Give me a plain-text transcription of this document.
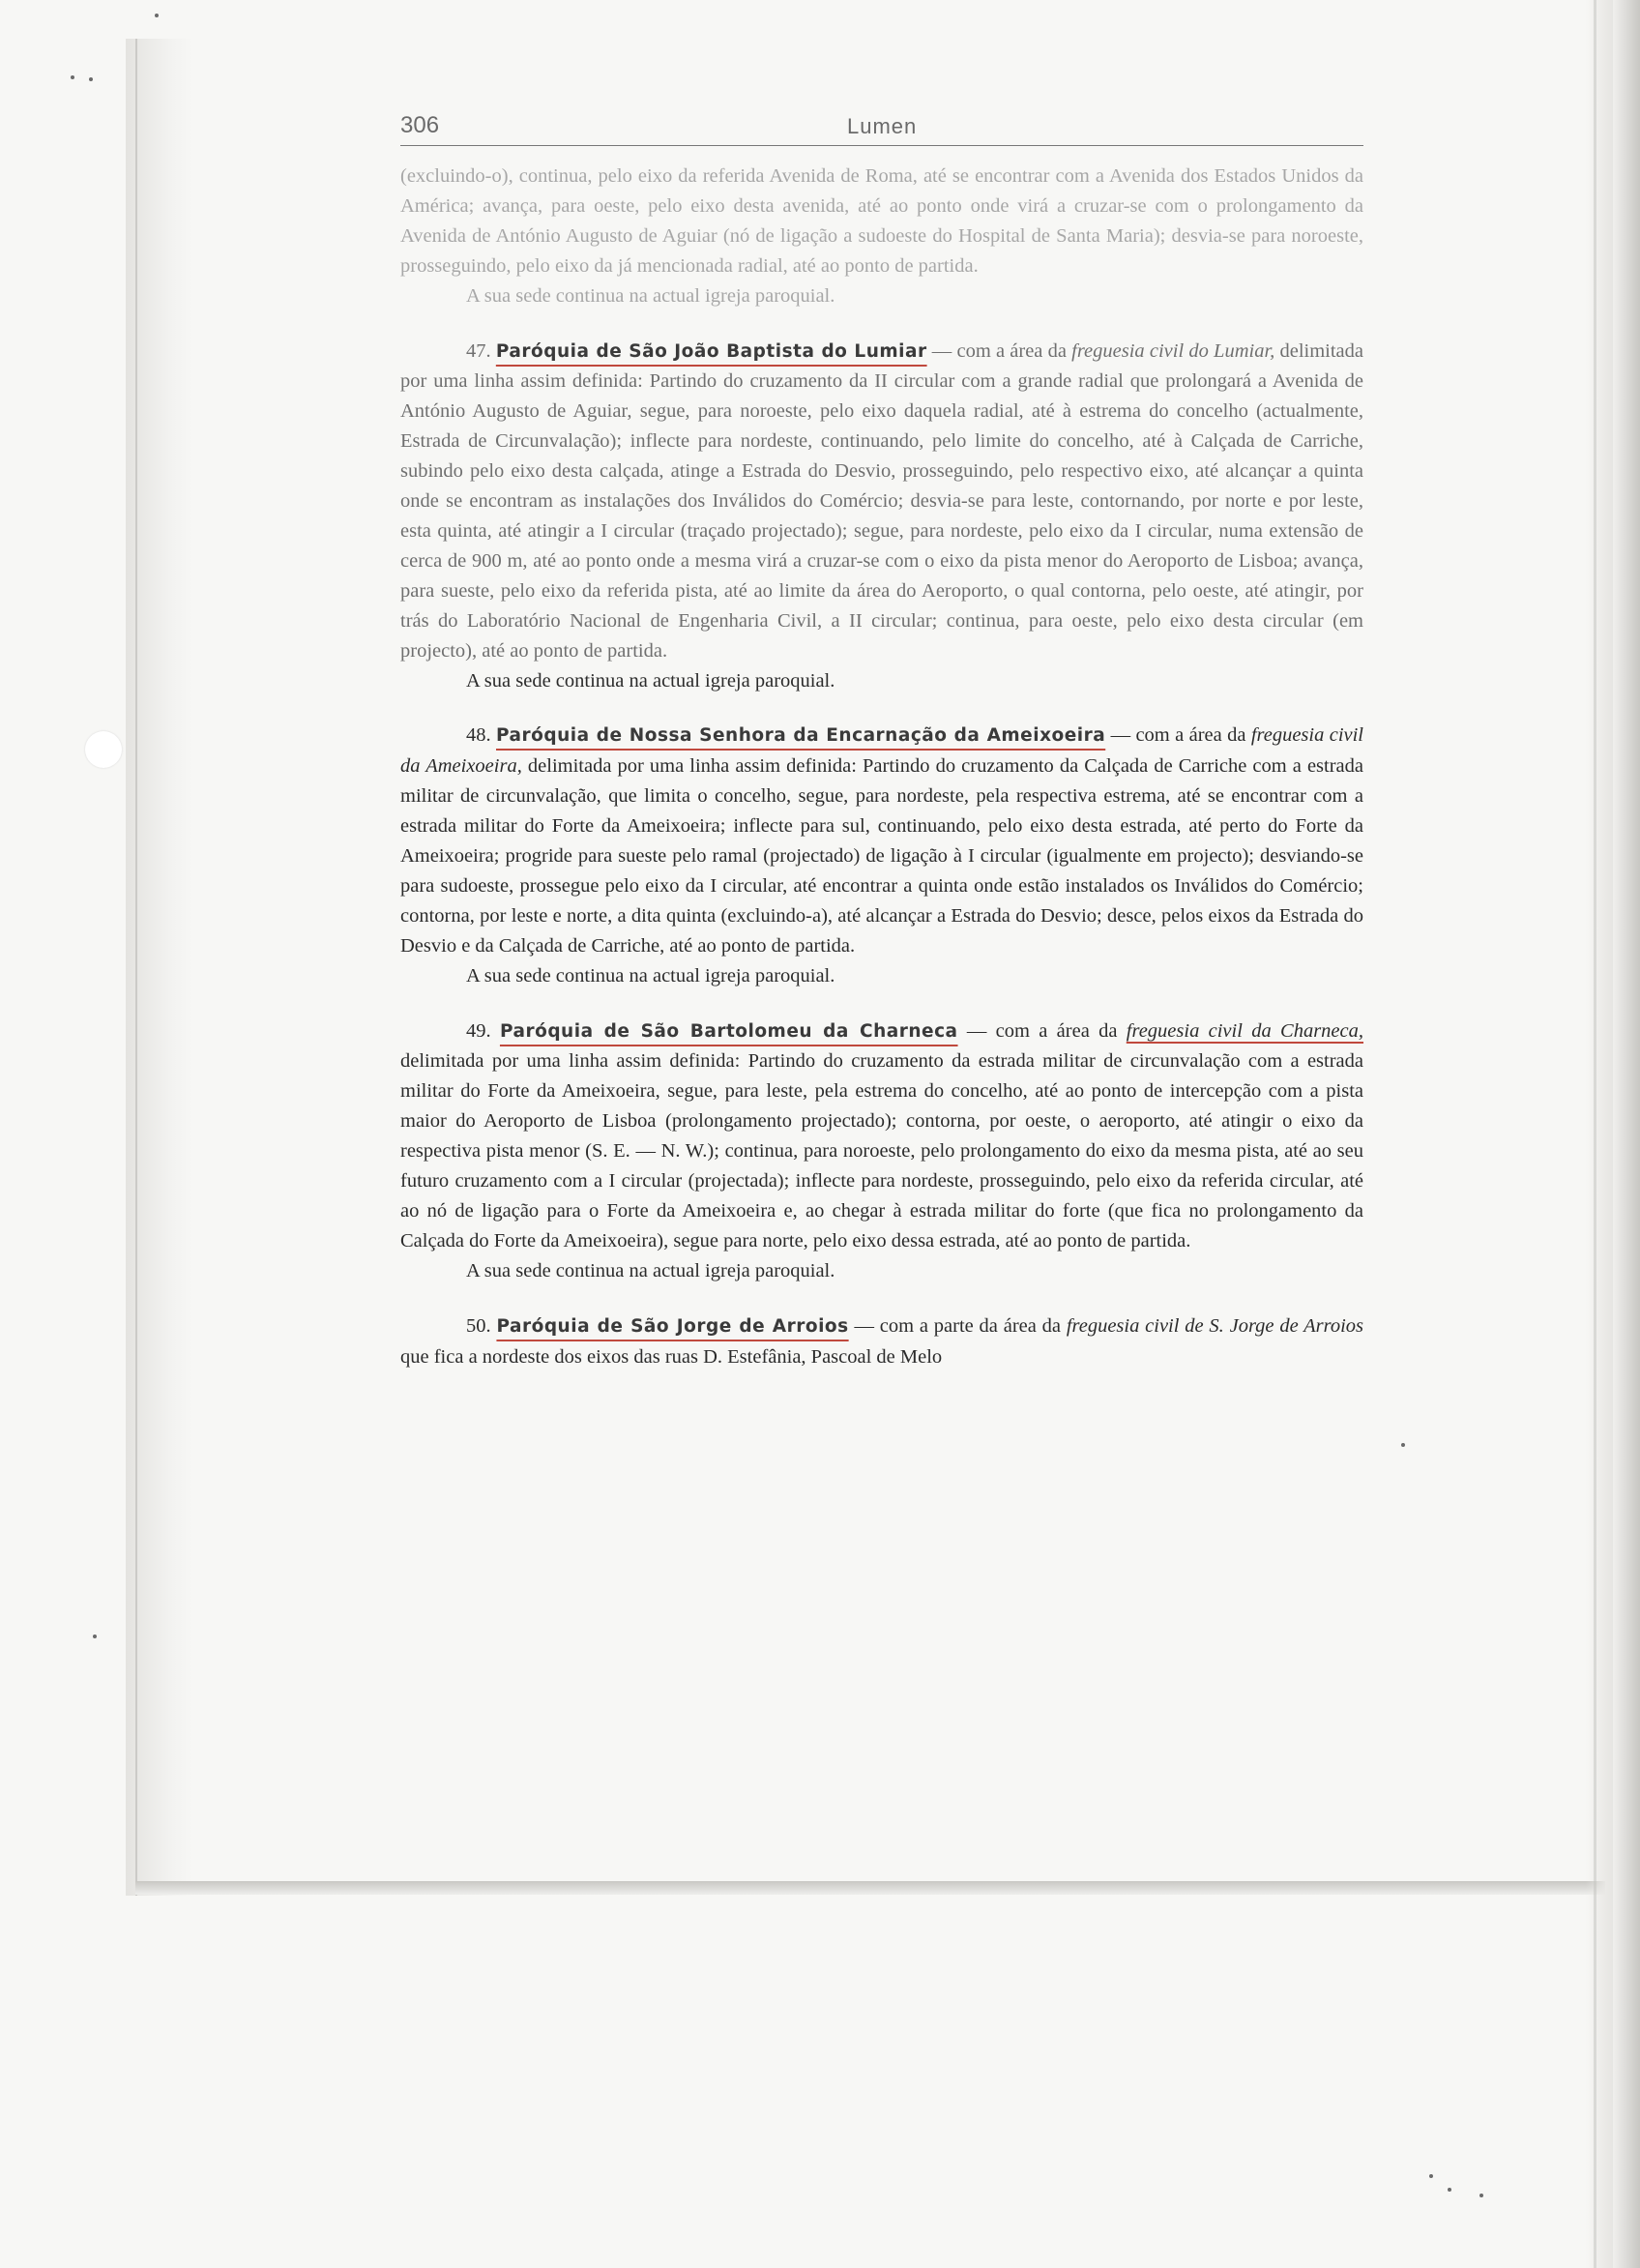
306	Lumen

(excluindo-o), continua, pelo eixo da referida Avenida de Roma, até se encontrar com a Avenida dos Estados Unidos da América; avança, para oeste, pelo eixo desta avenida, até ao ponto onde virá a cruzar-se com o prolongamento da Avenida de António Augusto de Aguiar (nó de ligação a sudoeste do Hospital de Santa Maria); desvia-se para noroeste, prosseguindo, pelo eixo da já mencionada radial, até ao ponto de partida.

A sua sede continua na actual igreja paroquial.

47. Paróquia de São João Baptista do Lumiar — com a área da freguesia civil do Lumiar, delimitada por uma linha assim definida: Partindo do cruzamento da II circular com a grande radial que prolongará a Avenida de António Augusto de Aguiar, segue, para noroeste, pelo eixo daquela radial, até à estrema do concelho (actualmente, Estrada de Circunvalação); inflecte para nordeste, continuando, pelo limite do concelho, até à Calçada de Carriche, subindo pelo eixo desta calçada, atinge a Estrada do Desvio, prosseguindo, pelo respectivo eixo, até alcançar a quinta onde se encontram as instalações dos Inválidos do Comércio; desvia-se para leste, contornando, por norte e por leste, esta quinta, até atingir a I circular (traçado projectado); segue, para nordeste, pelo eixo da I circular, numa extensão de cerca de 900 m, até ao ponto onde a mesma virá a cruzar-se com o eixo da pista menor do Aeroporto de Lisboa; avança, para sueste, pelo eixo da referida pista, até ao limite da área do Aeroporto, o qual contorna, pelo oeste, até atingir, por trás do Laboratório Nacional de Engenharia Civil, a II circular; continua, para oeste, pelo eixo desta circular (em projecto), até ao ponto de partida.

A sua sede continua na actual igreja paroquial.

48. Paróquia de Nossa Senhora da Encarnação da Ameixoeira — com a área da freguesia civil da Ameixoeira, delimitada por uma linha assim definida: Partindo do cruzamento da Calçada de Carriche com a estrada militar de circunvalação, que limita o concelho, segue, para nordeste, pela respectiva estrema, até se encontrar com a estrada militar do Forte da Ameixoeira; inflecte para sul, continuando, pelo eixo desta estrada, até perto do Forte da Ameixoeira; progride para sueste pelo ramal (projectado) de ligação à I circular (igualmente em projecto); desviando-se para sudoeste, prossegue pelo eixo da I circular, até encontrar a quinta onde estão instalados os Inválidos do Comércio; contorna, por leste e norte, a dita quinta (excluindo-a), até alcançar a Estrada do Desvio; desce, pelos eixos da Estrada do Desvio e da Calçada de Carriche, até ao ponto de partida.

A sua sede continua na actual igreja paroquial.

49. Paróquia de São Bartolomeu da Charneca — com a área da freguesia civil da Charneca, delimitada por uma linha assim definida: Partindo do cruzamento da estrada militar de circunvalação com a estrada militar do Forte da Ameixoeira, segue, para leste, pela estrema do concelho, até ao ponto de intercepção com a pista maior do Aeroporto de Lisboa (prolongamento projectado); contorna, por oeste, o aeroporto, até atingir o eixo da respectiva pista menor (S. E. — N. W.); continua, para noroeste, pelo prolongamento do eixo da mesma pista, até ao seu futuro cruzamento com a I circular (projectada); inflecte para nordeste, prosseguindo, pelo eixo da referida circular, até ao nó de ligação para o Forte da Ameixoeira e, ao chegar à estrada militar do forte (que fica no prolongamento da Calçada do Forte da Ameixoeira), segue para norte, pelo eixo dessa estrada, até ao ponto de partida.

A sua sede continua na actual igreja paroquial.

50. Paróquia de São Jorge de Arroios — com a parte da área da freguesia civil de S. Jorge de Arroios que fica a nordeste dos eixos das ruas D. Estefânia, Pascoal de Melo
